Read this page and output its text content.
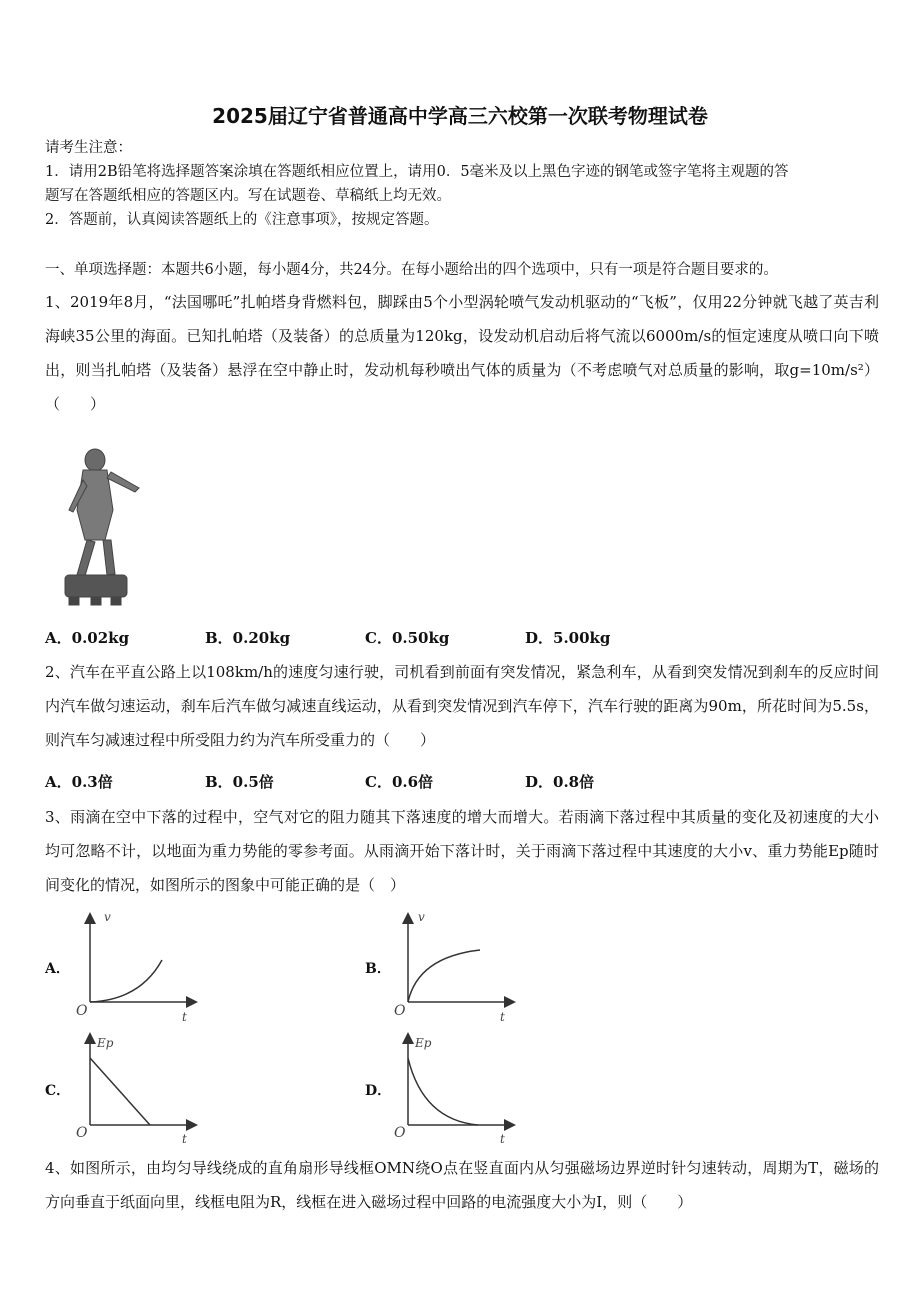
2025届辽宁省普通高中学高三六校第一次联考物理试卷
请考生注意：
1．请用2B铅笔将选择题答案涂填在答题纸相应位置上，请用0．5毫米及以上黑色字迹的钢笔或签字笔将主观题的答
题写在答题纸相应的答题区内。写在试题卷、草稿纸上均无效。
2．答题前，认真阅读答题纸上的《注意事项》，按规定答题。
一、单项选择题：本题共6小题，每小题4分，共24分。在每小题给出的四个选项中，只有一项是符合题目要求的。
1、2019年8月，“法国哪吒”扎帕塔身背燃料包，脚踩由5个小型涡轮喷气发动机驱动的“飞板”，仅用22分钟就飞越了英吉利海峡35公里的海面。已知扎帕塔（及装备）的总质量为120kg，设发动机启动后将气流以6000m/s的恒定速度从喷口向下喷出，则当扎帕塔（及装备）悬浮在空中静止时，发动机每秒喷出气体的质量为（不考虑喷气对总质量的影响，取g=10m/s²）（　　）
A．0.02kg	B．0.20kg	C．0.50kg	D．5.00kg
2、汽车在平直公路上以108km/h的速度匀速行驶，司机看到前面有突发情况，紧急利车，从看到突发情况到刹车的反应时间内汽车做匀速运动，刹车后汽车做匀减速直线运动，从看到突发情况到汽车停下，汽车行驶的距离为90m，所花时间为5.5s，则汽车匀减速过程中所受阻力约为汽车所受重力的（　　）
A．0.3倍	B．0.5倍	C．0.6倍	D．0.8倍
3、雨滴在空中下落的过程中，空气对它的阻力随其下落速度的增大而增大。若雨滴下落过程中其质量的变化及初速度的大小均可忽略不计，以地面为重力势能的零参考面。从雨滴开始下落计时，关于雨滴下落过程中其速度的大小v、重力势能Ep随时间变化的情况，如图所示的图象中可能正确的是（　）
A．
v
O	t
B．
v
O	t
C．
Ep
O	t
D．
Ep
O	t
4、如图所示，由均匀导线绕成的直角扇形导线框OMN绕O点在竖直面内从匀强磁场边界逆时针匀速转动，周期为T，磁场的方向垂直于纸面向里，线框电阻为R，线框在进入磁场过程中回路的电流强度大小为I，则（　　）
